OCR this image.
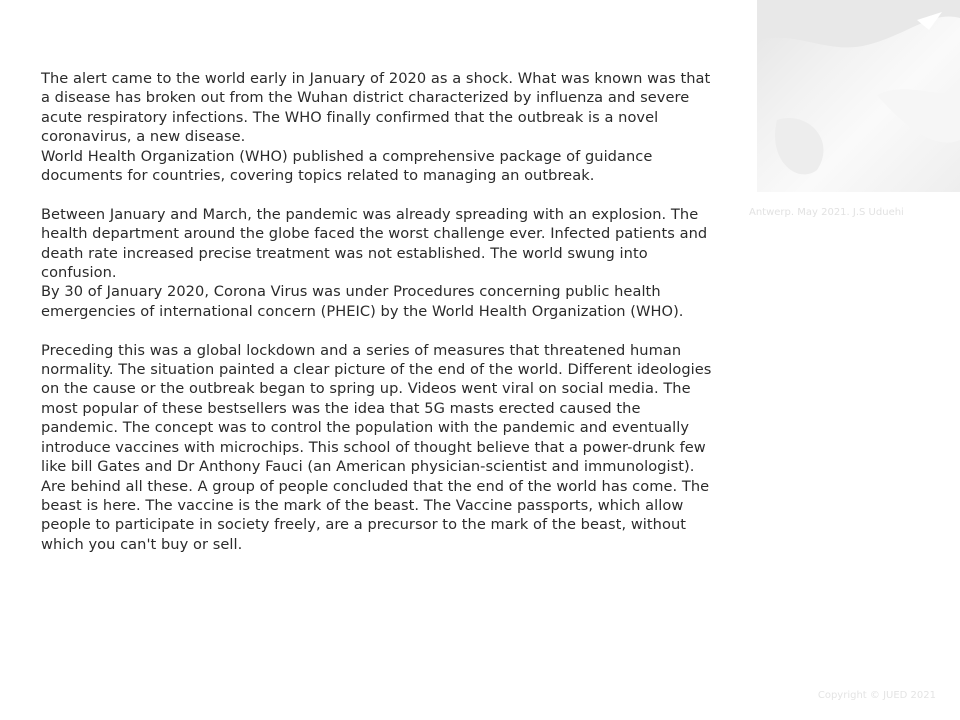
The alert came to the world early in January of 2020 as a shock. What was known was that a disease has broken out from the Wuhan district characterized by influenza and severe acute respiratory infections. The WHO finally confirmed that the outbreak is a novel coronavirus, a new disease.

World Health Organization (WHO) published a comprehensive package of guidance documents for countries, covering topics related to managing an outbreak.

Between January and March, the pandemic was already spreading with an explosion. The health department around the globe faced the worst challenge ever. Infected patients and death rate increased precise treatment was not established. The world swung into confusion.

By 30 of January 2020, Corona Virus was under Procedures concerning public health emergencies of international concern (PHEIC) by the World Health Organization (WHO).

Preceding this was a global lockdown and a series of measures that threatened human normality. The situation painted a clear picture of the end of the world. Different ideologies on the cause or the outbreak began to spring up. Videos went viral on social media. The most popular of these bestsellers was the idea that 5G masts erected caused the pandemic. The concept was to control the population with the pandemic and eventually introduce vaccines with microchips. This school of thought believe that a power-drunk few like bill Gates and Dr Anthony Fauci (an American physician-scientist and immunologist). Are behind all these. A group of people concluded that the end of the world has come. The beast is here. The vaccine is the mark of the beast. The Vaccine passports, which allow people to participate in society freely, are a precursor to the mark of the beast, without which you can't buy or sell.

Antwerp. May 2021. J.S Uduehi
Copyright © JUED 2021
